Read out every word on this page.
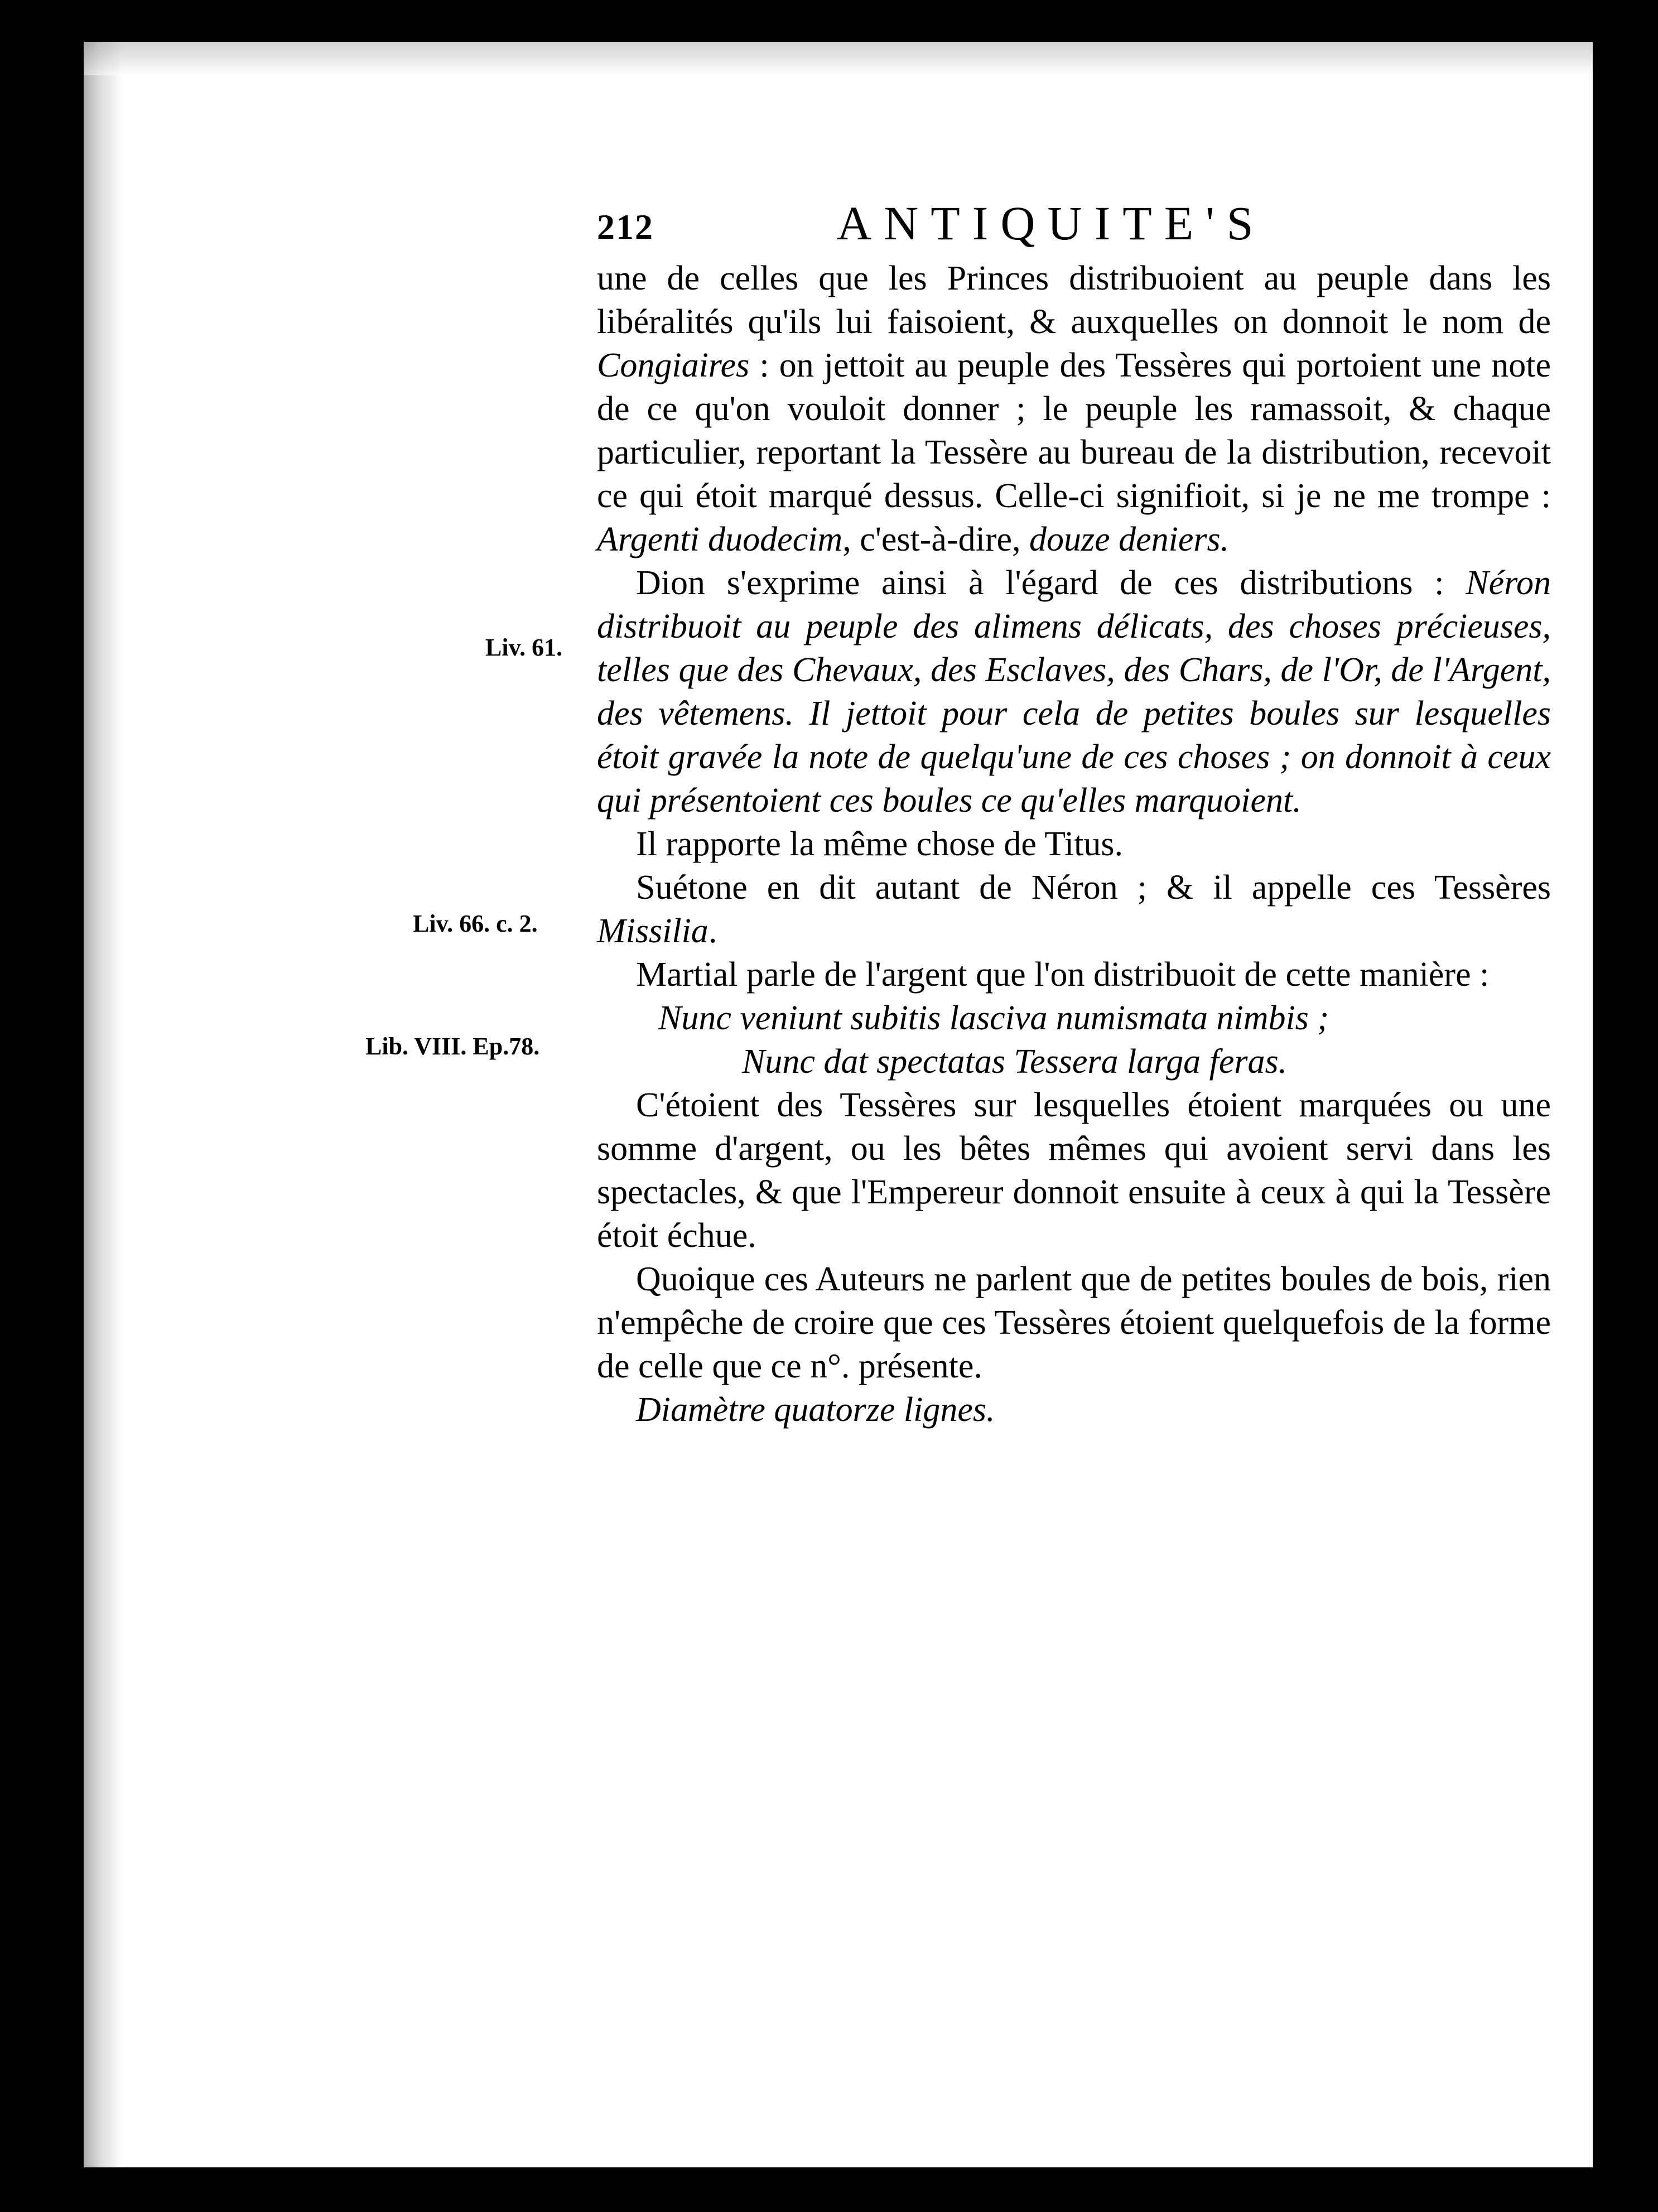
212	ANTIQUITE'S
Liv. 61.
Liv. 66. c. 2.
Lib. VIII. Ep.78.

une de celles que les Princes distribuoient au peuple dans les libéralités qu'ils lui faisoient, & auxquelles on donnoit le nom de Congiaires : on jettoit au peuple des Tessères qui portoient une note de ce qu'on vouloit donner ; le peuple les ramassoit, & chaque particulier, reportant la Tessère au bureau de la distribution, recevoit ce qui étoit marqué dessus. Celle-ci signifioit, si je ne me trompe : Argenti duodecim, c'est-à-dire, douze deniers.

Dion s'exprime ainsi à l'égard de ces distributions : Néron distribuoit au peuple des alimens délicats, des choses précieuses, telles que des Chevaux, des Esclaves, des Chars, de l'Or, de l'Argent, des vêtemens. Il jettoit pour cela de petites boules sur lesquelles étoit gravée la note de quelqu'une de ces choses ; on donnoit à ceux qui présentoient ces boules ce qu'elles marquoient.

Il rapporte la même chose de Titus.

Suétone en dit autant de Néron ; & il appelle ces Tessères Missilia.

Martial parle de l'argent que l'on distribuoit de cette manière :

Nunc veniunt subitis lasciva numismata nimbis ;

Nunc dat spectatas Tessera larga feras.

C'étoient des Tessères sur lesquelles étoient marquées ou une somme d'argent, ou les bêtes mêmes qui avoient servi dans les spectacles, & que l'Empereur donnoit ensuite à ceux à qui la Tessère étoit échue.

Quoique ces Auteurs ne parlent que de petites boules de bois, rien n'empêche de croire que ces Tessères étoient quelquefois de la forme de celle que ce n°. présente.

Diamètre quatorze lignes.
